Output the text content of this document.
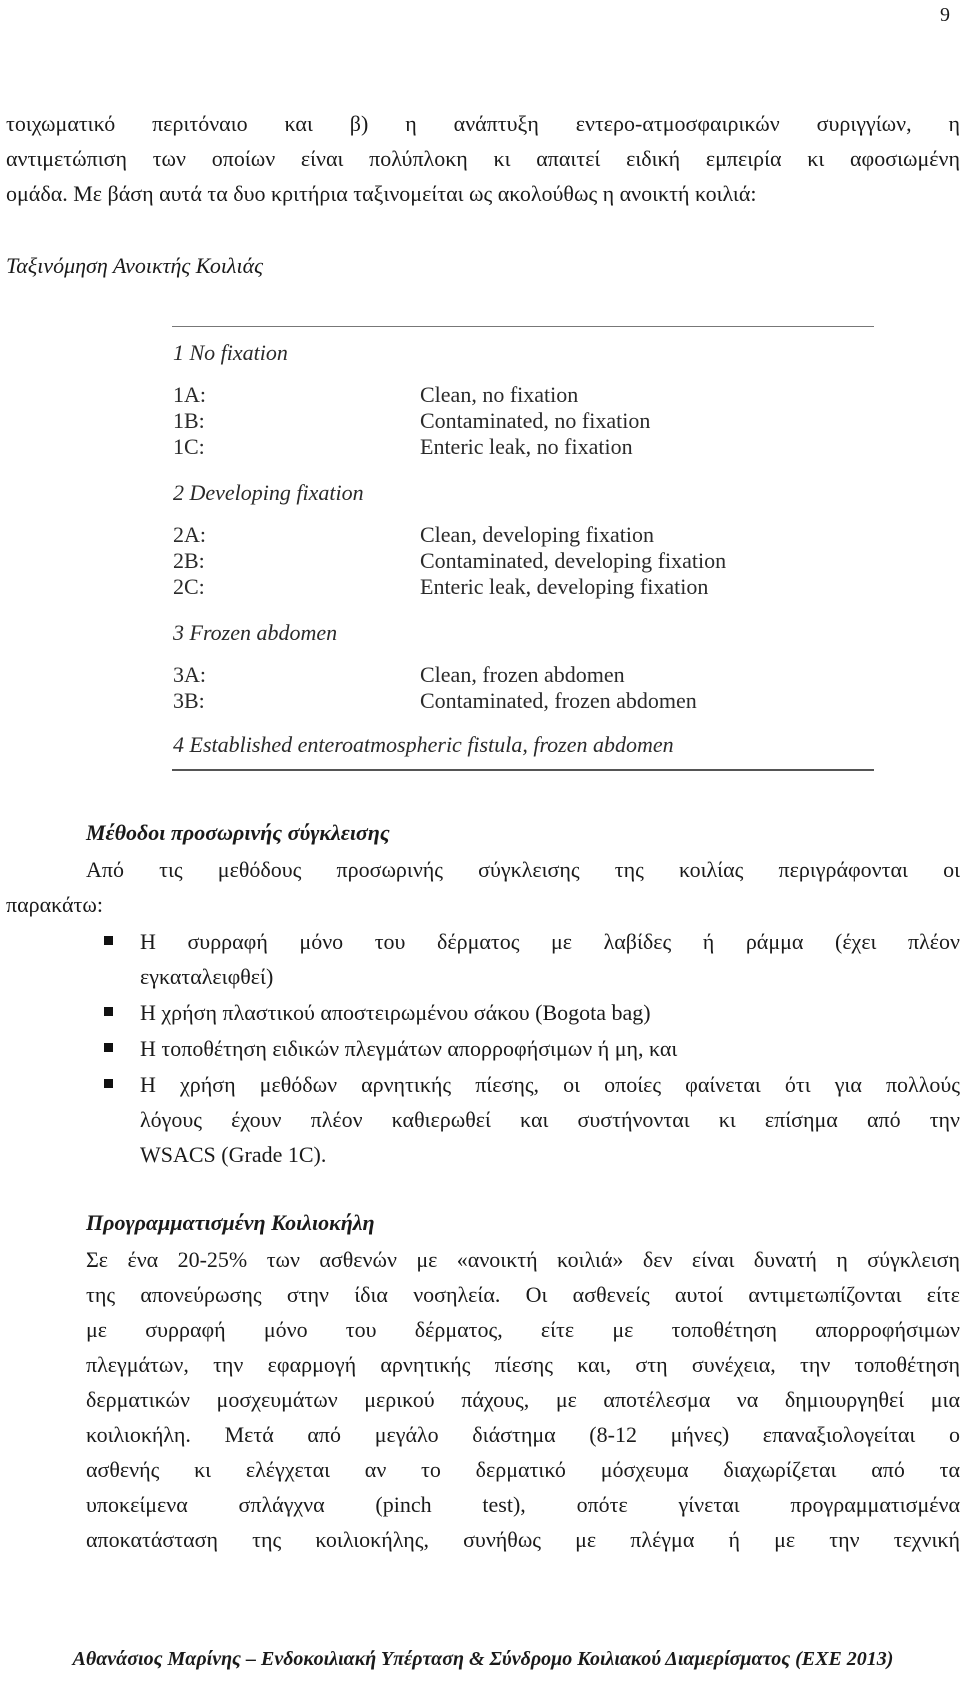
9
τοιχωματικό περιτόναιο και β) η ανάπτυξη εντερο-ατμοσφαιρικών συριγγίων, η
αντιμετώπιση των οποίων είναι πολύπλοκη κι απαιτεί ειδική εμπειρία κι αφοσιωμένη
ομάδα. Με βάση αυτά τα δυο κριτήρια ταξινομείται ως ακολούθως η ανοικτή κοιλιά:
Ταξινόμηση Ανοικτής Κοιλιάς
1 No fixation
1A:	Clean, no fixation
1B:	Contaminated, no fixation
1C:	Enteric leak, no fixation
2 Developing fixation
2A:	Clean, developing fixation
2B:	Contaminated, developing fixation
2C:	Enteric leak, developing fixation
3 Frozen abdomen
3A:	Clean, frozen abdomen
3B:	Contaminated, frozen abdomen
4 Established enteroatmospheric fistula, frozen abdomen
Μέθοδοι προσωρινής σύγκλεισης
Από τις μεθόδους προσωρινής σύγκλεισης της κοιλίας περιγράφονται οι
παρακάτω:
Η συρραφή μόνο του δέρματος με λαβίδες ή ράμμα (έχει πλέον
εγκαταλειφθεί)
Η χρήση πλαστικού αποστειρωμένου σάκου (Bogota bag)
Η τοποθέτηση ειδικών πλεγμάτων απορροφήσιμων ή μη, και
Η χρήση μεθόδων αρνητικής πίεσης, οι οποίες φαίνεται ότι για πολλούς
λόγους έχουν πλέον καθιερωθεί και συστήνονται κι επίσημα από την
WSACS (Grade 1C).
Προγραμματισμένη Κοιλιοκήλη
Σε ένα 20-25% των ασθενών με «ανοικτή κοιλιά» δεν είναι δυνατή η σύγκλειση
της απονεύρωσης στην ίδια νοσηλεία. Οι ασθενείς αυτοί αντιμετωπίζονται είτε
με συρραφή μόνο του δέρματος, είτε με τοποθέτηση απορροφήσιμων
πλεγμάτων, την εφαρμογή αρνητικής πίεσης και, στη συνέχεια, την τοποθέτηση
δερματικών μοσχευμάτων μερικού πάχους, με αποτέλεσμα να δημιουργηθεί μια
κοιλιοκήλη. Μετά από μεγάλο διάστημα (8-12 μήνες) επαναξιολογείται ο
ασθενής κι ελέγχεται αν το δερματικό μόσχευμα διαχωρίζεται από τα
υποκείμενα σπλάγχνα (pinch test), οπότε γίνεται προγραμματισμένα
αποκατάσταση της κοιλιοκήλης, συνήθως με πλέγμα ή με την τεχνική
Αθανάσιος Μαρίνης – Ενδοκοιλιακή Υπέρταση & Σύνδρομο Κοιλιακού Διαμερίσματος (ΕΧΕ 2013)
